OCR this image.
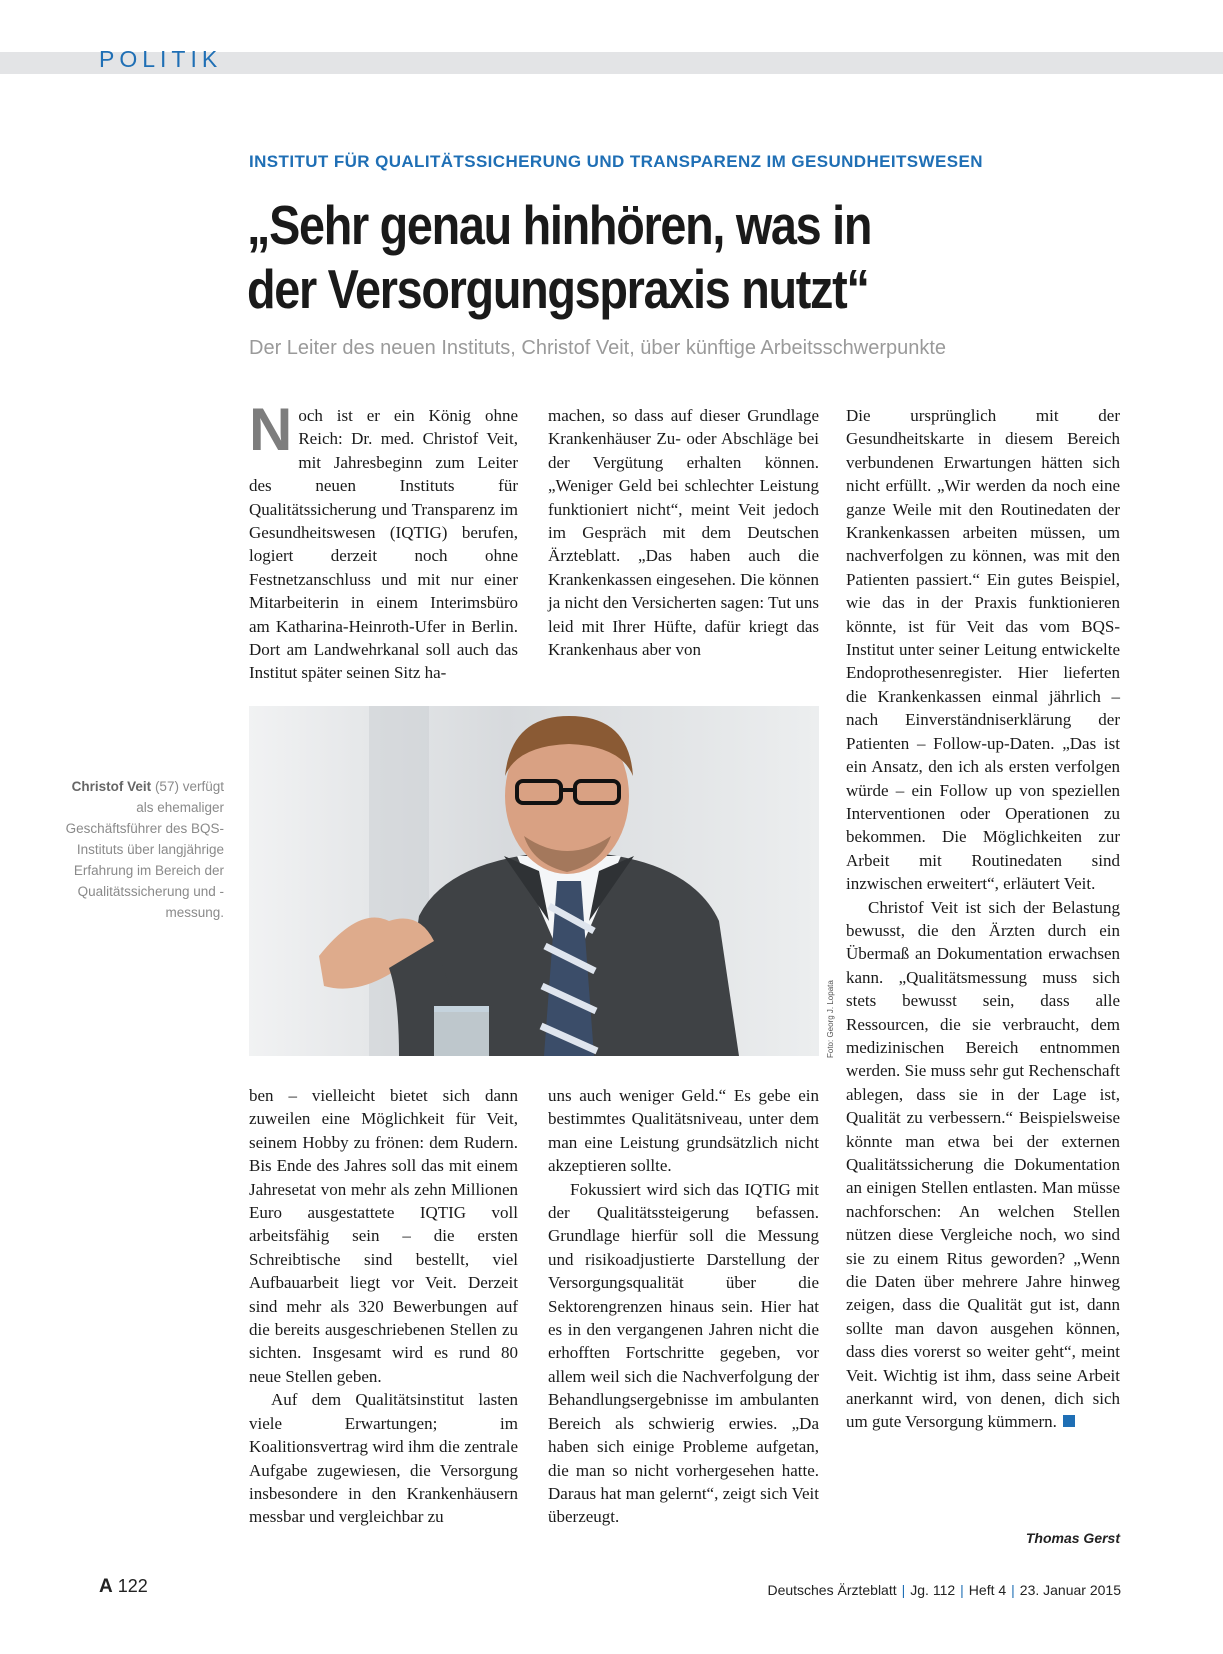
POLITIK
INSTITUT FÜR QUALITÄTSSICHERUNG UND TRANSPARENZ IM GESUNDHEITSWESEN
„Sehr genau hinhören, was in
der Versorgungspraxis nutzt“
Der Leiter des neuen Instituts, Christof Veit, über künftige Arbeitsschwerpunkte

Noch ist er ein König ohne Reich: Dr. med. Christof Veit, mit Jahresbeginn zum Leiter des neuen Instituts für Qualitätssicherung und Transparenz im Gesundheitswesen (IQTIG) berufen, logiert derzeit noch ohne Festnetzanschluss und mit nur einer Mitarbeiterin in einem Interimsbüro am Katharina-Heinroth-Ufer in Berlin. Dort am Landwehrkanal soll auch das Institut später seinen Sitz ha-

machen, so dass auf dieser Grundlage Krankenhäuser Zu- oder Abschläge bei der Vergütung erhalten können. „Weniger Geld bei schlechter Leistung funktioniert nicht“, meint Veit jedoch im Gespräch mit dem Deutschen Ärzteblatt. „Das haben auch die Krankenkassen eingesehen. Die können ja nicht den Versicherten sagen: Tut uns leid mit Ihrer Hüfte, dafür kriegt das Krankenhaus aber von

Foto: Georg J. Lopata
Christof Veit (57) verfügt als ehemaliger Geschäftsführer des BQS-Instituts über langjährige Erfahrung im Bereich der Qualitätssicherung und -messung.

ben – vielleicht bietet sich dann zuweilen eine Möglichkeit für Veit, seinem Hobby zu frönen: dem Rudern. Bis Ende des Jahres soll das mit einem Jahresetat von mehr als zehn Millionen Euro ausgestattete IQTIG voll arbeitsfähig sein – die ersten Schreibtische sind bestellt, viel Aufbauarbeit liegt vor Veit. Derzeit sind mehr als 320 Bewerbungen auf die bereits ausgeschriebenen Stellen zu sichten. Insgesamt wird es rund 80 neue Stellen geben.

Auf dem Qualitätsinstitut lasten viele Erwartungen; im Koalitionsvertrag wird ihm die zentrale Aufgabe zugewiesen, die Versorgung insbesondere in den Krankenhäusern messbar und vergleichbar zu

uns auch weniger Geld.“ Es gebe ein bestimmtes Qualitätsniveau, unter dem man eine Leistung grundsätzlich nicht akzeptieren sollte.

Fokussiert wird sich das IQTIG mit der Qualitätssteigerung befassen. Grundlage hierfür soll die Messung und risikoadjustierte Darstellung der Versorgungsqualität über die Sektorengrenzen hinaus sein. Hier hat es in den vergangenen Jahren nicht die erhofften Fortschritte gegeben, vor allem weil sich die Nachverfolgung der Behandlungsergebnisse im ambulanten Bereich als schwierig erwies. „Da haben sich einige Probleme aufgetan, die man so nicht vorhergesehen hatte. Daraus hat man gelernt“, zeigt sich Veit überzeugt.

Die ursprünglich mit der Gesundheitskarte in diesem Bereich verbundenen Erwartungen hätten sich nicht erfüllt. „Wir werden da noch eine ganze Weile mit den Routinedaten der Krankenkassen arbeiten müssen, um nachverfolgen zu können, was mit den Patienten passiert.“ Ein gutes Beispiel, wie das in der Praxis funktionieren könnte, ist für Veit das vom BQS-Institut unter seiner Leitung entwickelte Endoprothesenregister. Hier lieferten die Krankenkassen einmal jährlich – nach Einverständniserklärung der Patienten – Follow-up-Daten. „Das ist ein Ansatz, den ich als ersten verfolgen würde – ein Follow up von speziellen Interventionen oder Operationen zu bekommen. Die Möglichkeiten zur Arbeit mit Routinedaten sind inzwischen erweitert“, erläutert Veit.

Christof Veit ist sich der Belastung bewusst, die den Ärzten durch ein Übermaß an Dokumentation erwachsen kann. „Qualitätsmessung muss sich stets bewusst sein, dass alle Ressourcen, die sie verbraucht, dem medizinischen Bereich entnommen werden. Sie muss sehr gut Rechenschaft ablegen, dass sie in der Lage ist, Qualität zu verbessern.“ Beispielsweise könnte man etwa bei der externen Qualitätssicherung die Dokumentation an einigen Stellen entlasten. Man müsse nachforschen: An welchen Stellen nützen diese Vergleiche noch, wo sind sie zu einem Ritus geworden? „Wenn die Daten über mehrere Jahre hinweg zeigen, dass die Qualität gut ist, dann sollte man davon ausgehen können, dass dies vorerst so weiter geht“, meint Veit. Wichtig ist ihm, dass seine Arbeit anerkannt wird, von denen, dich sich um gute Versorgung kümmern.

Thomas Gerst
A 122	Deutsches Ärzteblatt | Jg. 112 | Heft 4 | 23. Januar 2015
